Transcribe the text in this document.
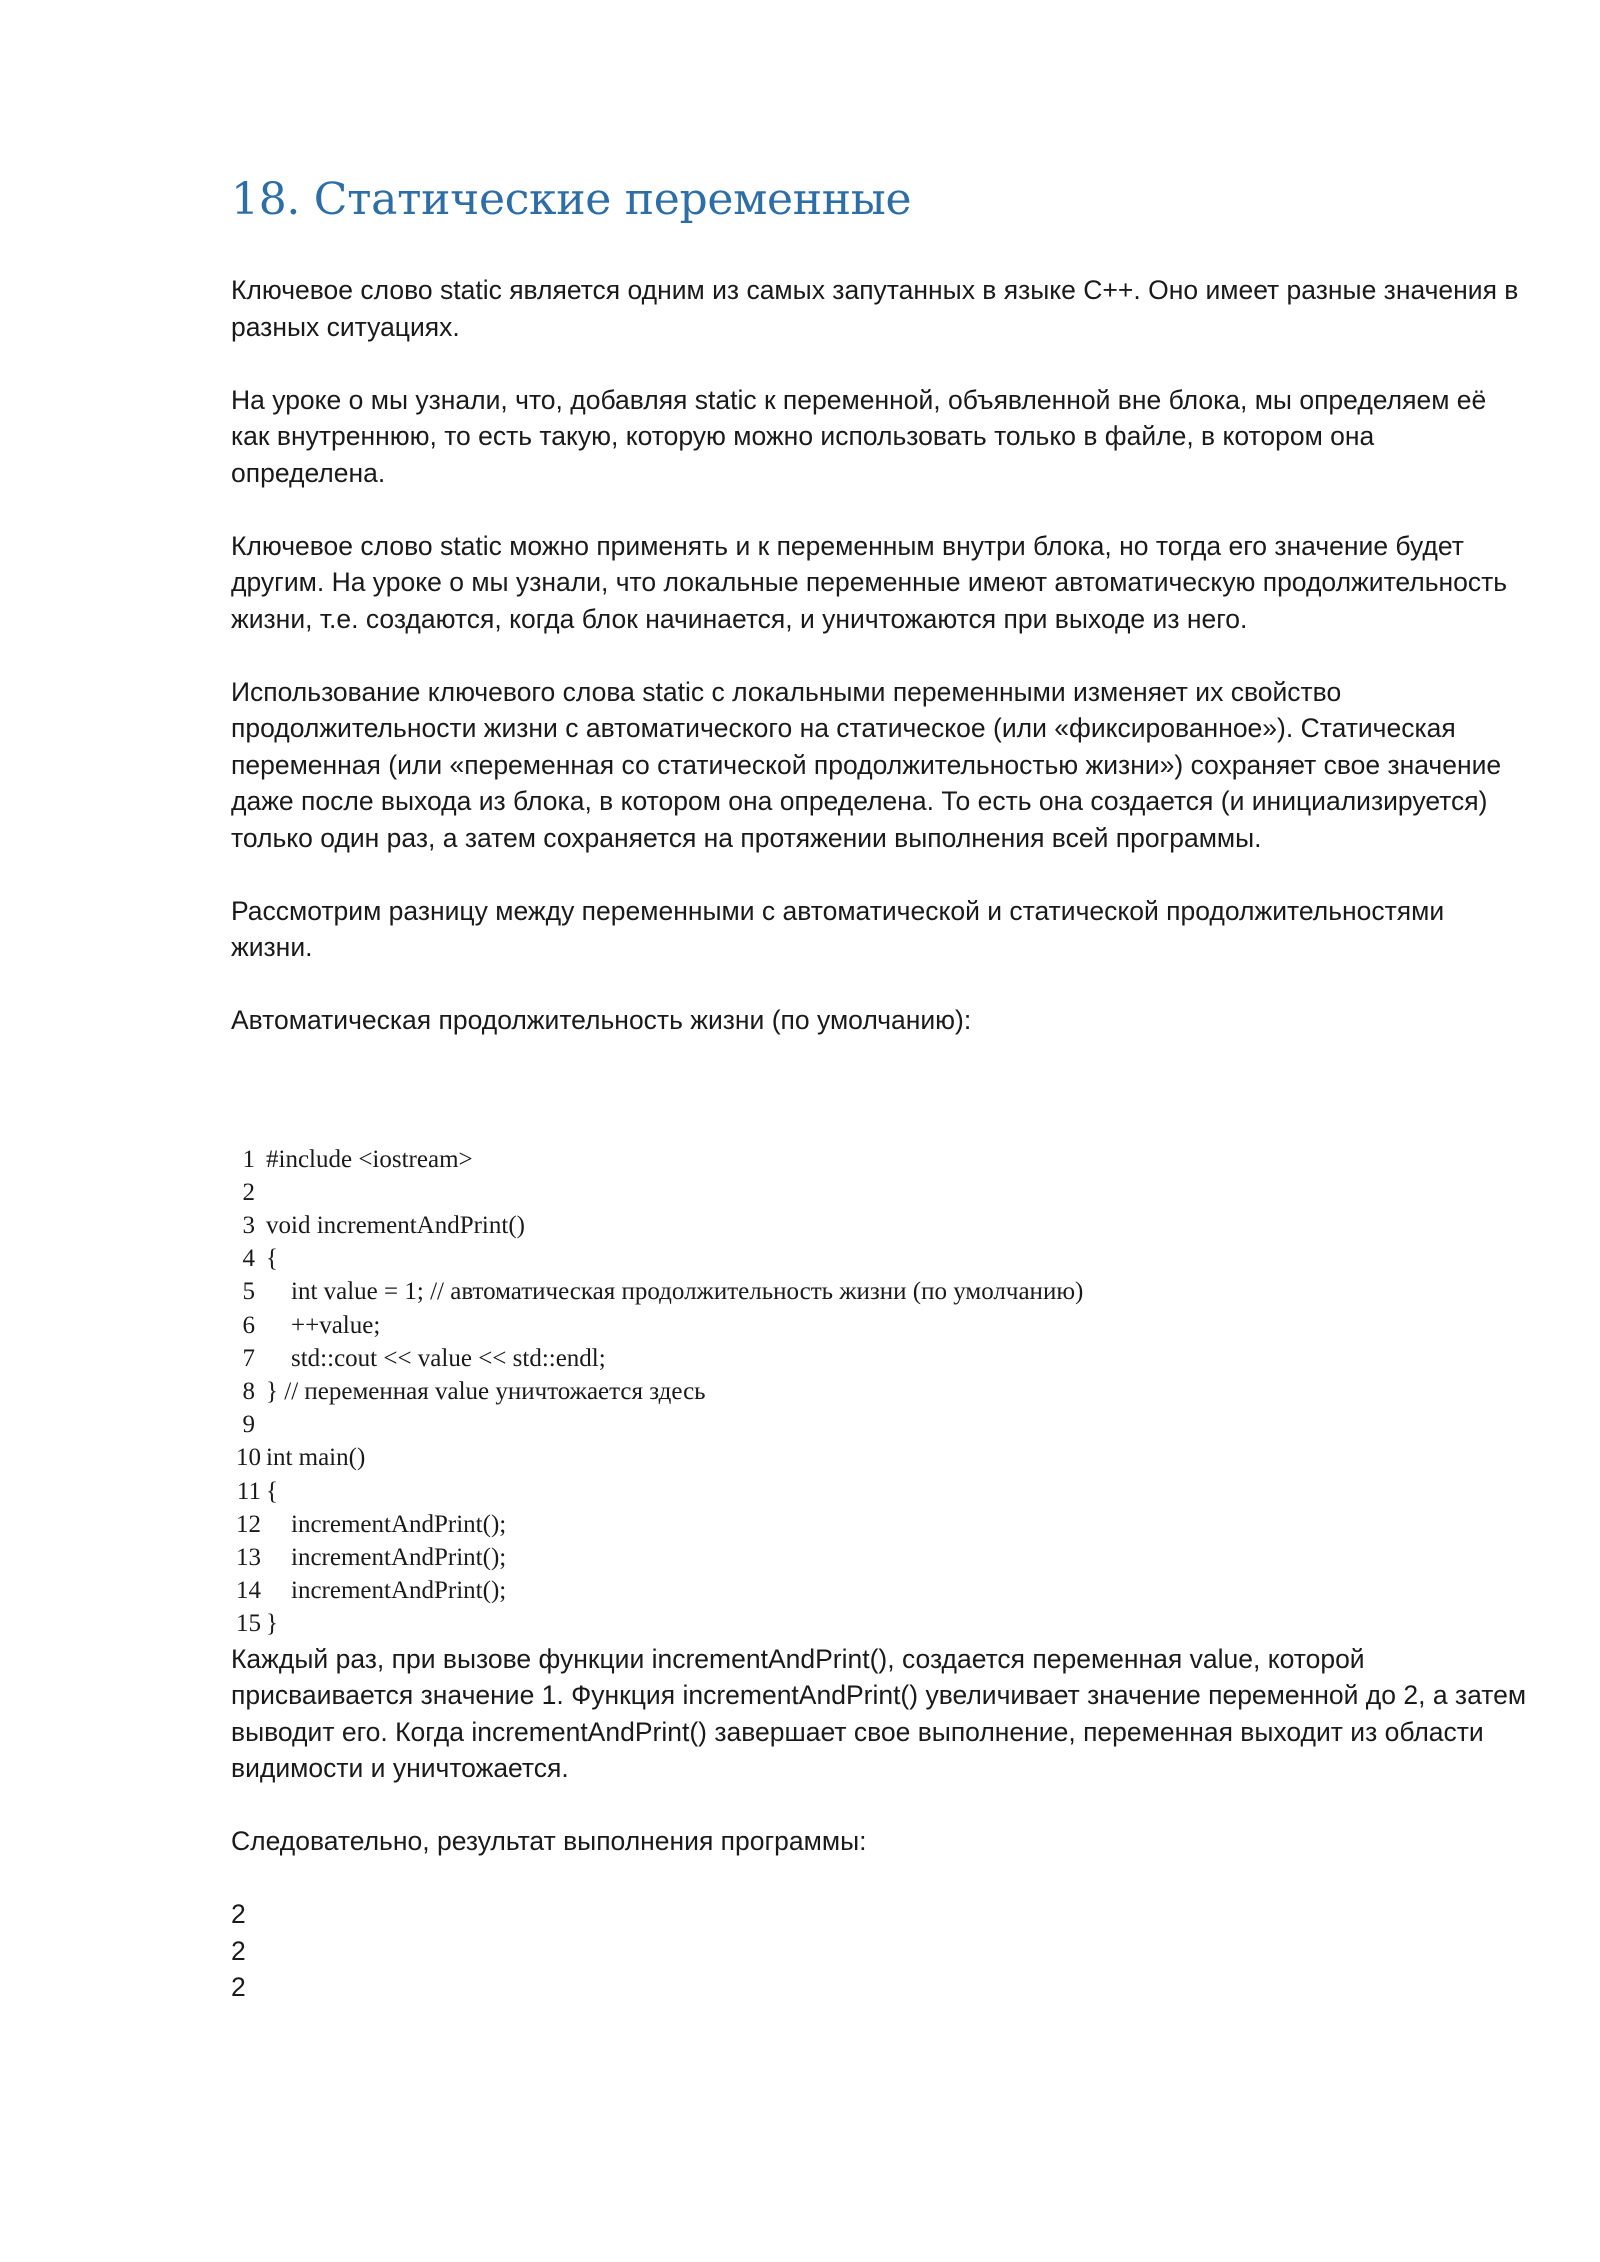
18. Статические переменные

Ключевое слово static является одним из самых запутанных в языке C++. Оно имеет разные значения в разных ситуациях.

На уроке о мы узнали, что, добавляя static к переменной, объявленной вне блока, мы определяем её как внутреннюю, то есть такую, которую можно использовать только в файле, в котором она определена.

Ключевое слово static можно применять и к переменным внутри блока, но тогда его значение будет другим. На уроке о мы узнали, что локальные переменные имеют автоматическую продолжительность жизни, т.е. создаются, когда блок начинается, и уничтожаются при выходе из него.

Использование ключевого слова static с локальными переменными изменяет их свойство продолжительности жизни с автоматического на статическое (или «фиксированное»). Статическая переменная (или «переменная со статической продолжительностью жизни») сохраняет свое значение даже после выхода из блока, в котором она определена. То есть она создается (и инициализируется) только один раз, а затем сохраняется на протяжении выполнения всей программы.

Рассмотрим разницу между переменными с автоматической и статической продолжительностями жизни.

Автоматическая продолжительность жизни (по умолчанию):

1 #include <iostream>
2
3 void incrementAndPrint()
4 {
5 int value = 1; // автоматическая продолжительность жизни (по умолчанию)
6 ++value;
7 std::cout << value << std::endl;
8 } // переменная value уничтожается здесь
9
10 int main()
11 {
12 incrementAndPrint();
13 incrementAndPrint();
14 incrementAndPrint();
15 }

Каждый раз, при вызове функции incrementAndPrint(), создается переменная value, которой присваивается значение 1. Функция incrementAndPrint() увеличивает значение переменной до 2, а затем выводит его. Когда incrementAndPrint() завершает свое выполнение, переменная выходит из области видимости и уничтожается.

Следовательно, результат выполнения программы:

2
2
2
